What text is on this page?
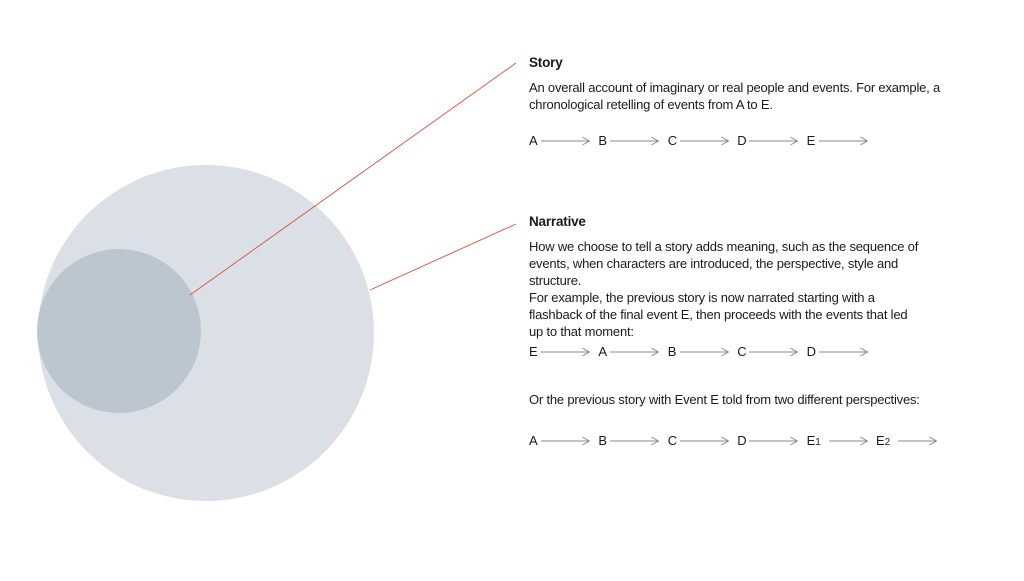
Story
An overall account of imaginary or real people and events. For example, a chronological retelling of events from A to E.
A	B	C	D	E
Narrative
How we choose to tell a story adds meaning, such as the sequence of events, when characters are introduced, the perspective, style and structure.
For example, the previous story is now narrated starting with a flashback of the final event E, then proceeds with the events that led up to that moment:
E	A	B	C	D
Or the previous story with Event E told from two different perspectives:
A	B	C	D	E1	E2
